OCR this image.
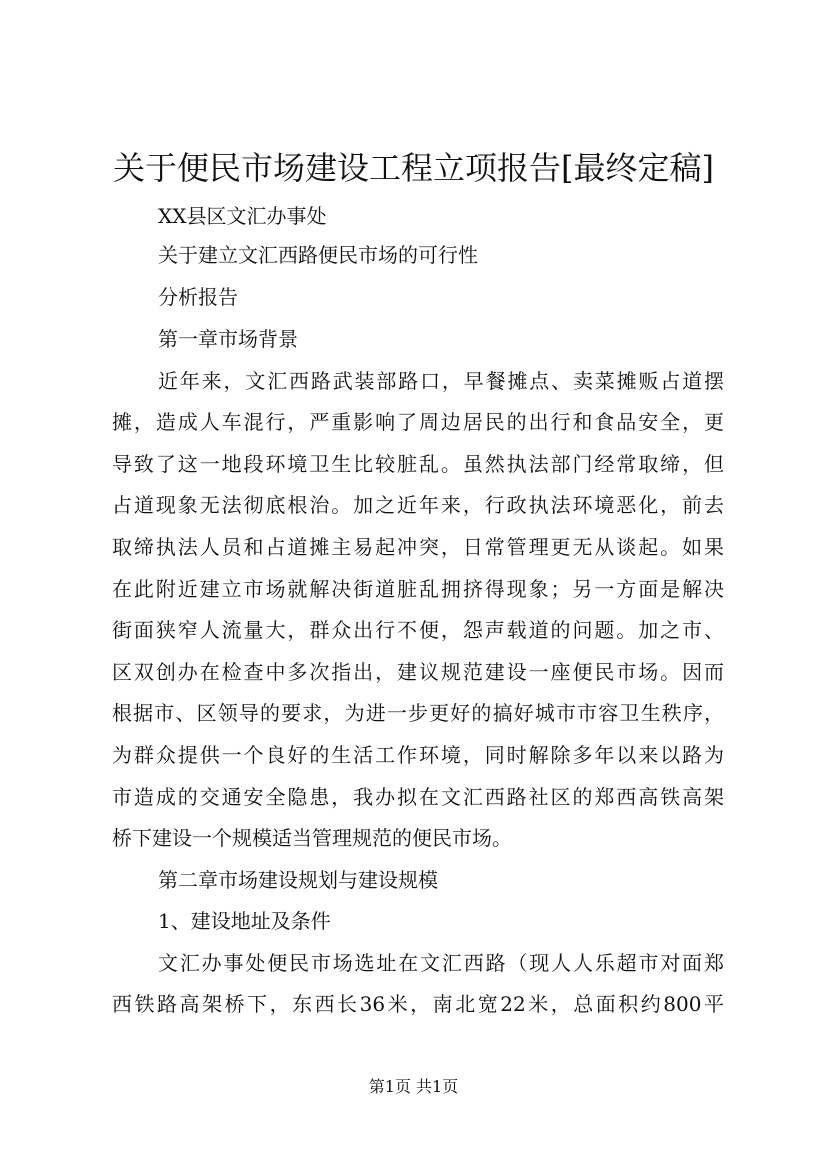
关于便民市场建设工程立项报告[最终定稿]
XX县区文汇办事处
关于建立文汇西路便民市场的可行性
分析报告
第一章市场背景
近年来，文汇西路武装部路口，早餐摊点、卖菜摊贩占道摆
摊，造成人车混行，严重影响了周边居民的出行和食品安全，更
导致了这一地段环境卫生比较脏乱。虽然执法部门经常取缔，但
占道现象无法彻底根治。加之近年来，行政执法环境恶化，前去
取缔执法人员和占道摊主易起冲突，日常管理更无从谈起。如果
在此附近建立市场就解决街道脏乱拥挤得现象；另一方面是解决
街面狭窄人流量大，群众出行不便，怨声载道的问题。加之市、
区双创办在检查中多次指出，建议规范建设一座便民市场。因而
根据市、区领导的要求，为进一步更好的搞好城市市容卫生秩序，
为群众提供一个良好的生活工作环境，同时解除多年以来以路为
市造成的交通安全隐患，我办拟在文汇西路社区的郑西高铁高架
桥下建设一个规模适当管理规范的便民市场。
第二章市场建设规划与建设规模
1、建设地址及条件
文汇办事处便民市场选址在文汇西路（现人人乐超市对面郑
西铁路高架桥下，东西长36米，南北宽22米，总面积约800平
第1页 共1页
